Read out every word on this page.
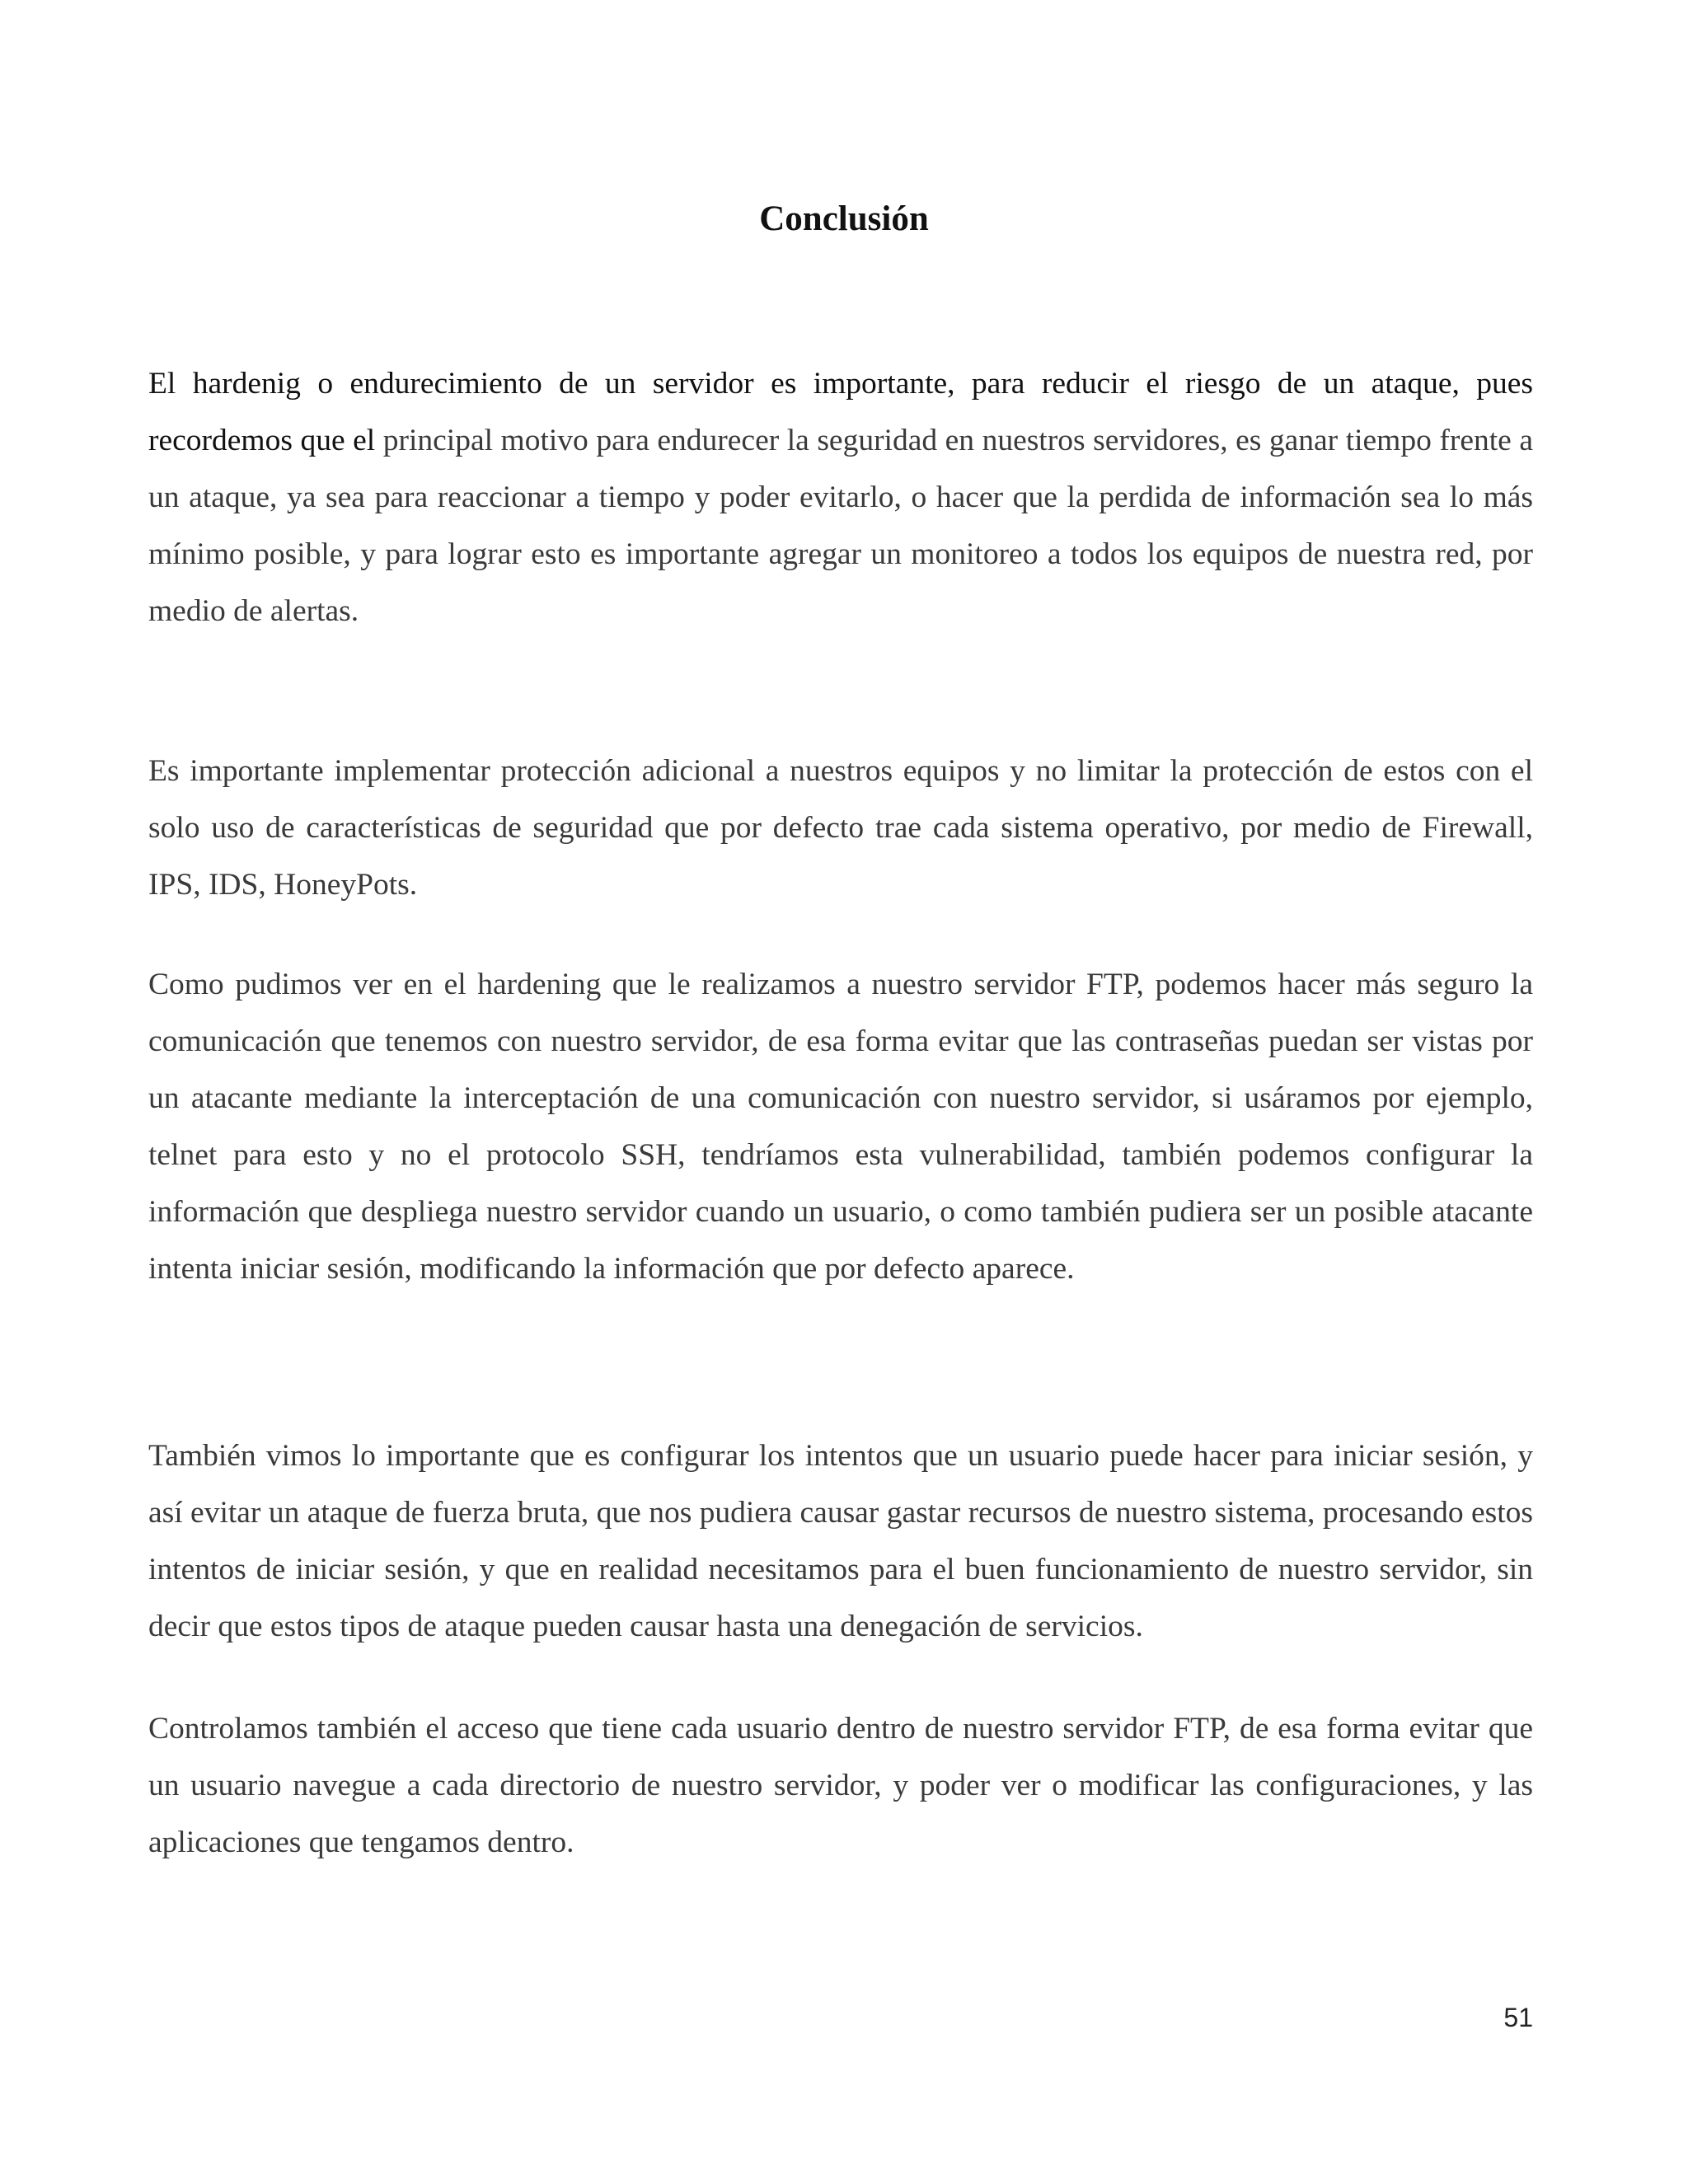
Conclusión

El hardenig o endurecimiento de un servidor es importante, para reducir el riesgo de un ataque, pues recordemos que el principal motivo para endurecer la seguridad en nuestros servidores, es ganar tiempo frente a un ataque, ya sea para reaccionar a tiempo y poder evitarlo, o hacer que la perdida de información sea lo más mínimo posible, y para lograr esto es importante agregar un monitoreo a todos los equipos de nuestra red, por medio de alertas.

Es importante implementar protección adicional a nuestros equipos y no limitar la protección de estos con el solo uso de características de seguridad que por defecto trae cada sistema operativo, por medio de Firewall, IPS, IDS, HoneyPots.

Como pudimos ver en el hardening que le realizamos a nuestro servidor FTP, podemos hacer más seguro la comunicación que tenemos con nuestro servidor, de esa forma evitar que las contraseñas puedan ser vistas por un atacante mediante la interceptación de una comunicación con nuestro servidor, si usáramos por ejemplo, telnet para esto y no el protocolo SSH, tendríamos esta vulnerabilidad, también podemos configurar la información que despliega nuestro servidor cuando un usuario, o como también pudiera ser un posible atacante intenta iniciar sesión, modificando la información que por defecto aparece.

También vimos lo importante que es configurar los intentos que un usuario puede hacer para iniciar sesión, y así evitar un ataque de fuerza bruta, que nos pudiera causar gastar recursos de nuestro sistema, procesando estos intentos de iniciar sesión, y que en realidad necesitamos para el buen funcionamiento de nuestro servidor, sin decir que estos tipos de ataque pueden causar hasta una denegación de servicios.

Controlamos también el acceso que tiene cada usuario dentro de nuestro servidor FTP, de esa forma evitar que un usuario navegue a cada directorio de nuestro servidor, y poder ver o modificar las configuraciones, y las aplicaciones que tengamos dentro.

51
